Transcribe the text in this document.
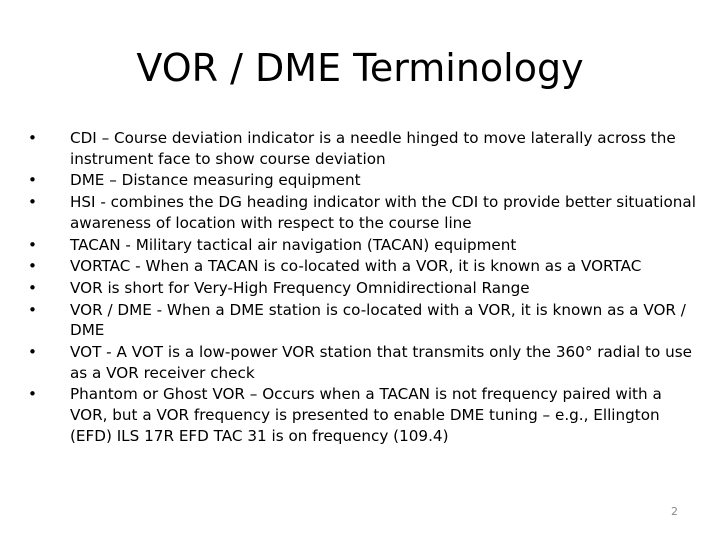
VOR / DME Terminology
•	CDI – Course deviation indicator is a needle hinged to move laterally across the instrument face to show course deviation
•	DME – Distance measuring equipment
•	HSI - combines the DG heading indicator with the CDI to provide better situational awareness of location with respect to the course line
•	TACAN - Military tactical air navigation (TACAN) equipment
•	VORTAC - When a TACAN is co-located with a VOR, it is known as a VORTAC
•	VOR is short for Very-High Frequency Omnidirectional Range
•	VOR / DME - When a DME station is co-located with a VOR, it is known as a VOR / DME
•	VOT - A VOT is a low-power VOR station that transmits only the 360° radial to use as a VOR receiver check
•	Phantom or Ghost VOR – Occurs when a TACAN is not frequency paired with a VOR, but a VOR frequency is presented to enable DME tuning – e.g., Ellington (EFD) ILS 17R EFD TAC 31 is on frequency (109.4)
2
